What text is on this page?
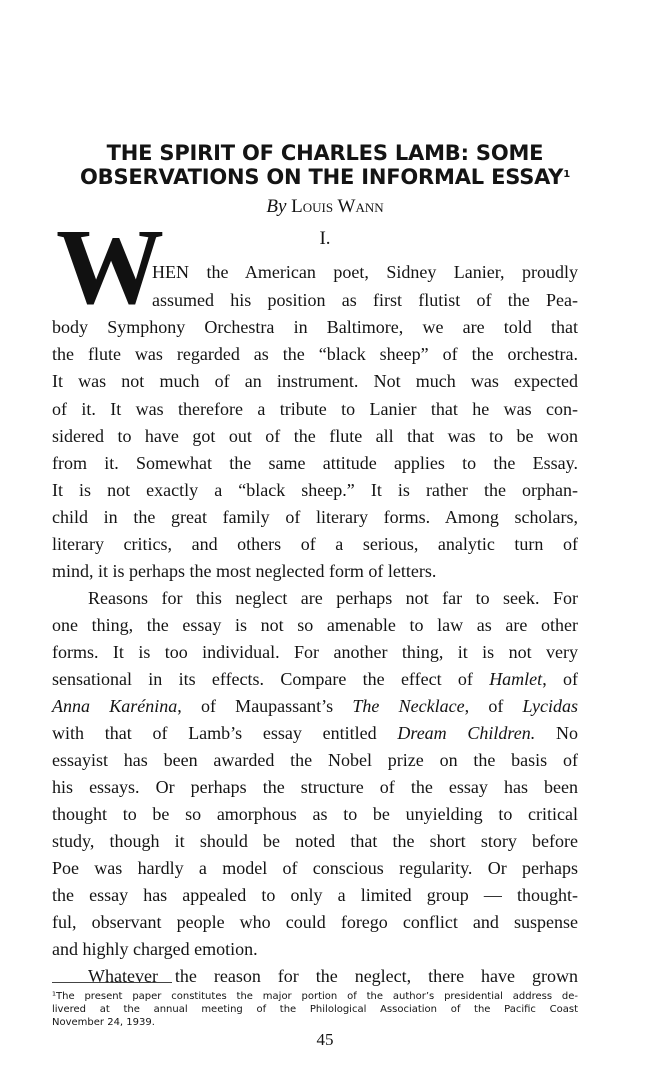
THE SPIRIT OF CHARLES LAMB: SOME
OBSERVATIONS ON THE INFORMAL ESSAY$^1$

By Louis Wann

I.

W

HEN the American poet, Sidney Lanier, proudly

assumed his position as first flutist of the Pea-

body Symphony Orchestra in Baltimore, we are told that

the flute was regarded as the “black sheep” of the orchestra.

It was not much of an instrument. Not much was expected

of it. It was therefore a tribute to Lanier that he was con-

sidered to have got out of the flute all that was to be won

from it. Somewhat the same attitude applies to the Essay.

It is not exactly a “black sheep.” It is rather the orphan-

child in the great family of literary forms. Among scholars,

literary critics, and others of a serious, analytic turn of

mind, it is perhaps the most neglected form of letters.

Reasons for this neglect are perhaps not far to seek. For

one thing, the essay is not so amenable to law as are other

forms. It is too individual. For another thing, it is not very

sensational in its effects. Compare the effect of Hamlet, of

Anna Karénina, of Maupassant’s The Necklace, of Lycidas

with that of Lamb’s essay entitled Dream Children. No

essayist has been awarded the Nobel prize on the basis of

his essays. Or perhaps the structure of the essay has been

thought to be so amorphous as to be unyielding to critical

study, though it should be noted that the short story before

Poe was hardly a model of conscious regularity. Or perhaps

the essay has appealed to only a limited group — thought-

ful, observant people who could forego conflict and suspense

and highly charged emotion.

Whatever the reason for the neglect, there have grown

¹The present paper constitutes the major portion of the author’s presidential address de-

livered at the annual meeting of the Philological Association of the Pacific Coast

November 24, 1939.

45
